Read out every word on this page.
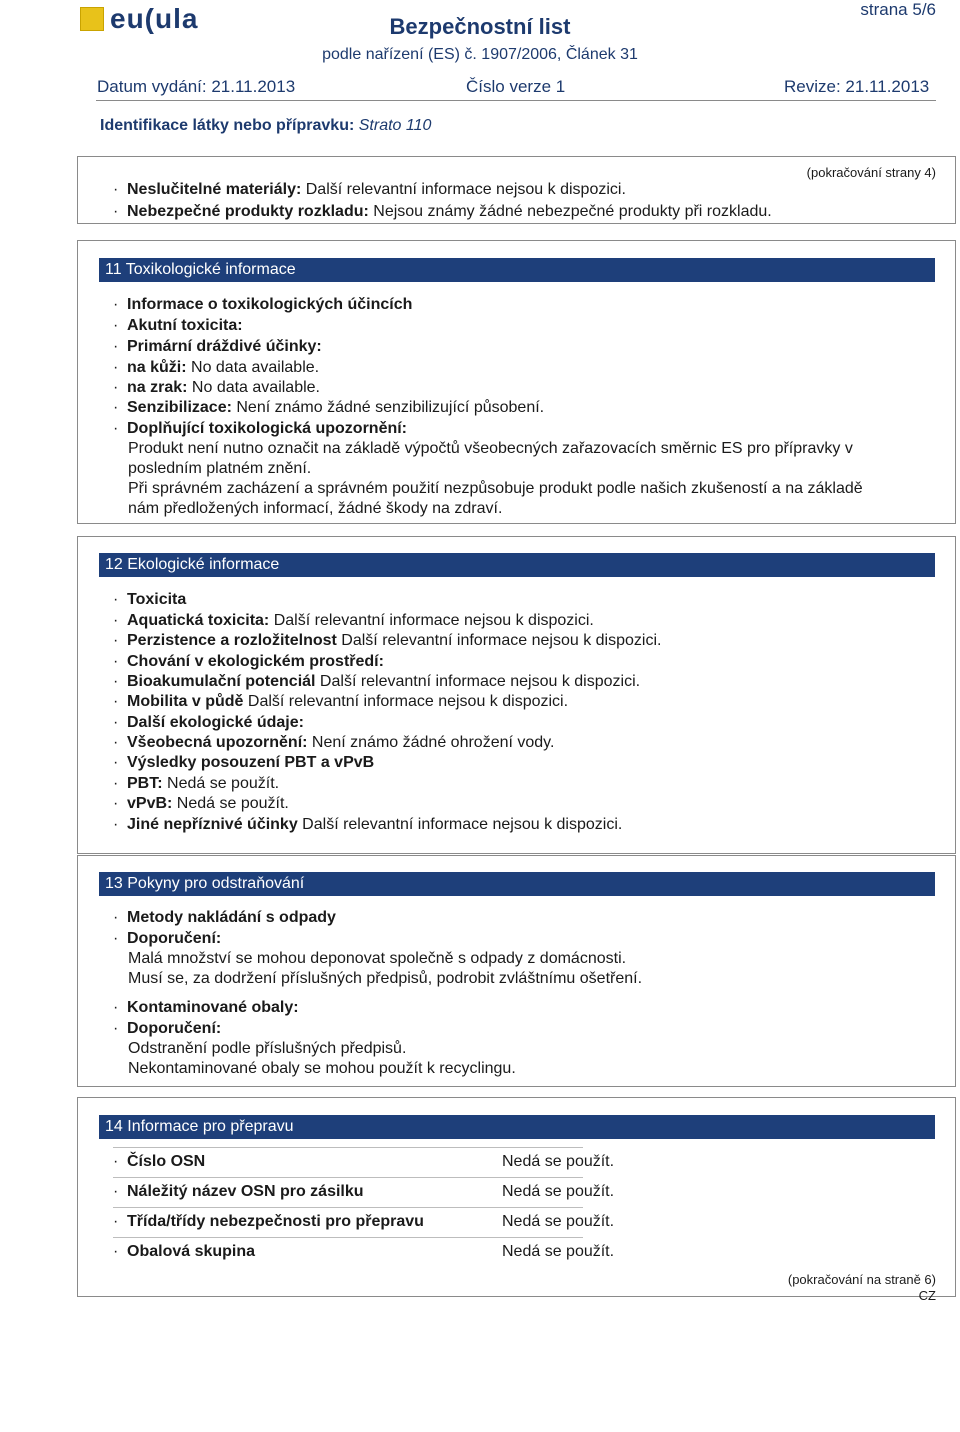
eu(ula	Bezpečnostní list
podle nařízení (ES) č. 1907/2006, Článek 31
strana 5/6
Datum vydání: 21.11.2013	Číslo verze 1	Revize: 21.11.2013
Identifikace látky nebo přípravku: Strato 110
(pokračování strany 4)
· Neslučitelné materiály: Další relevantní informace nejsou k dispozici.
· Nebezpečné produkty rozkladu: Nejsou známy žádné nebezpečné produkty při rozkladu.
11 Toxikologické informace
· Informace o toxikologických účincích
· Akutní toxicita:
· Primární dráždivé účinky:
· na kůži: No data available.
· na zrak: No data available.
· Senzibilizace: Není známo žádné senzibilizující působení.
· Doplňující toxikologická upozornění:
Produkt není nutno označit na základě výpočtů všeobecných zařazovacích směrnic ES pro přípravky v
posledním platném znění.
Při správném zacházení a správném použití nezpůsobuje produkt podle našich zkušeností a na základě
nám předložených informací, žádné škody na zdraví.
12 Ekologické informace
· Toxicita
· Aquatická toxicita: Další relevantní informace nejsou k dispozici.
· Perzistence a rozložitelnost Další relevantní informace nejsou k dispozici.
· Chování v ekologickém prostředí:
· Bioakumulační potenciál Další relevantní informace nejsou k dispozici.
· Mobilita v půdě Další relevantní informace nejsou k dispozici.
· Další ekologické údaje:
· Všeobecná upozornění: Není známo žádné ohrožení vody.
· Výsledky posouzení PBT a vPvB
· PBT: Nedá se použít.
· vPvB: Nedá se použít.
· Jiné nepříznivé účinky Další relevantní informace nejsou k dispozici.
13 Pokyny pro odstraňování
· Metody nakládání s odpady
· Doporučení:
Malá množství se mohou deponovat společně s odpady z domácnosti.
Musí se, za dodržení příslušných předpisů, podrobit zvláštnímu ošetření.
· Kontaminované obaly:
· Doporučení:
Odstranění podle příslušných předpisů.
Nekontaminované obaly se mohou použít k recyclingu.
14 Informace pro přepravu
· Číslo OSN	Nedá se použít.
· Náležitý název OSN pro zásilku	Nedá se použít.
· Třída/třídy nebezpečnosti pro přepravu	Nedá se použít.
· Obalová skupina	Nedá se použít.
(pokračování na straně 6)
CZ
